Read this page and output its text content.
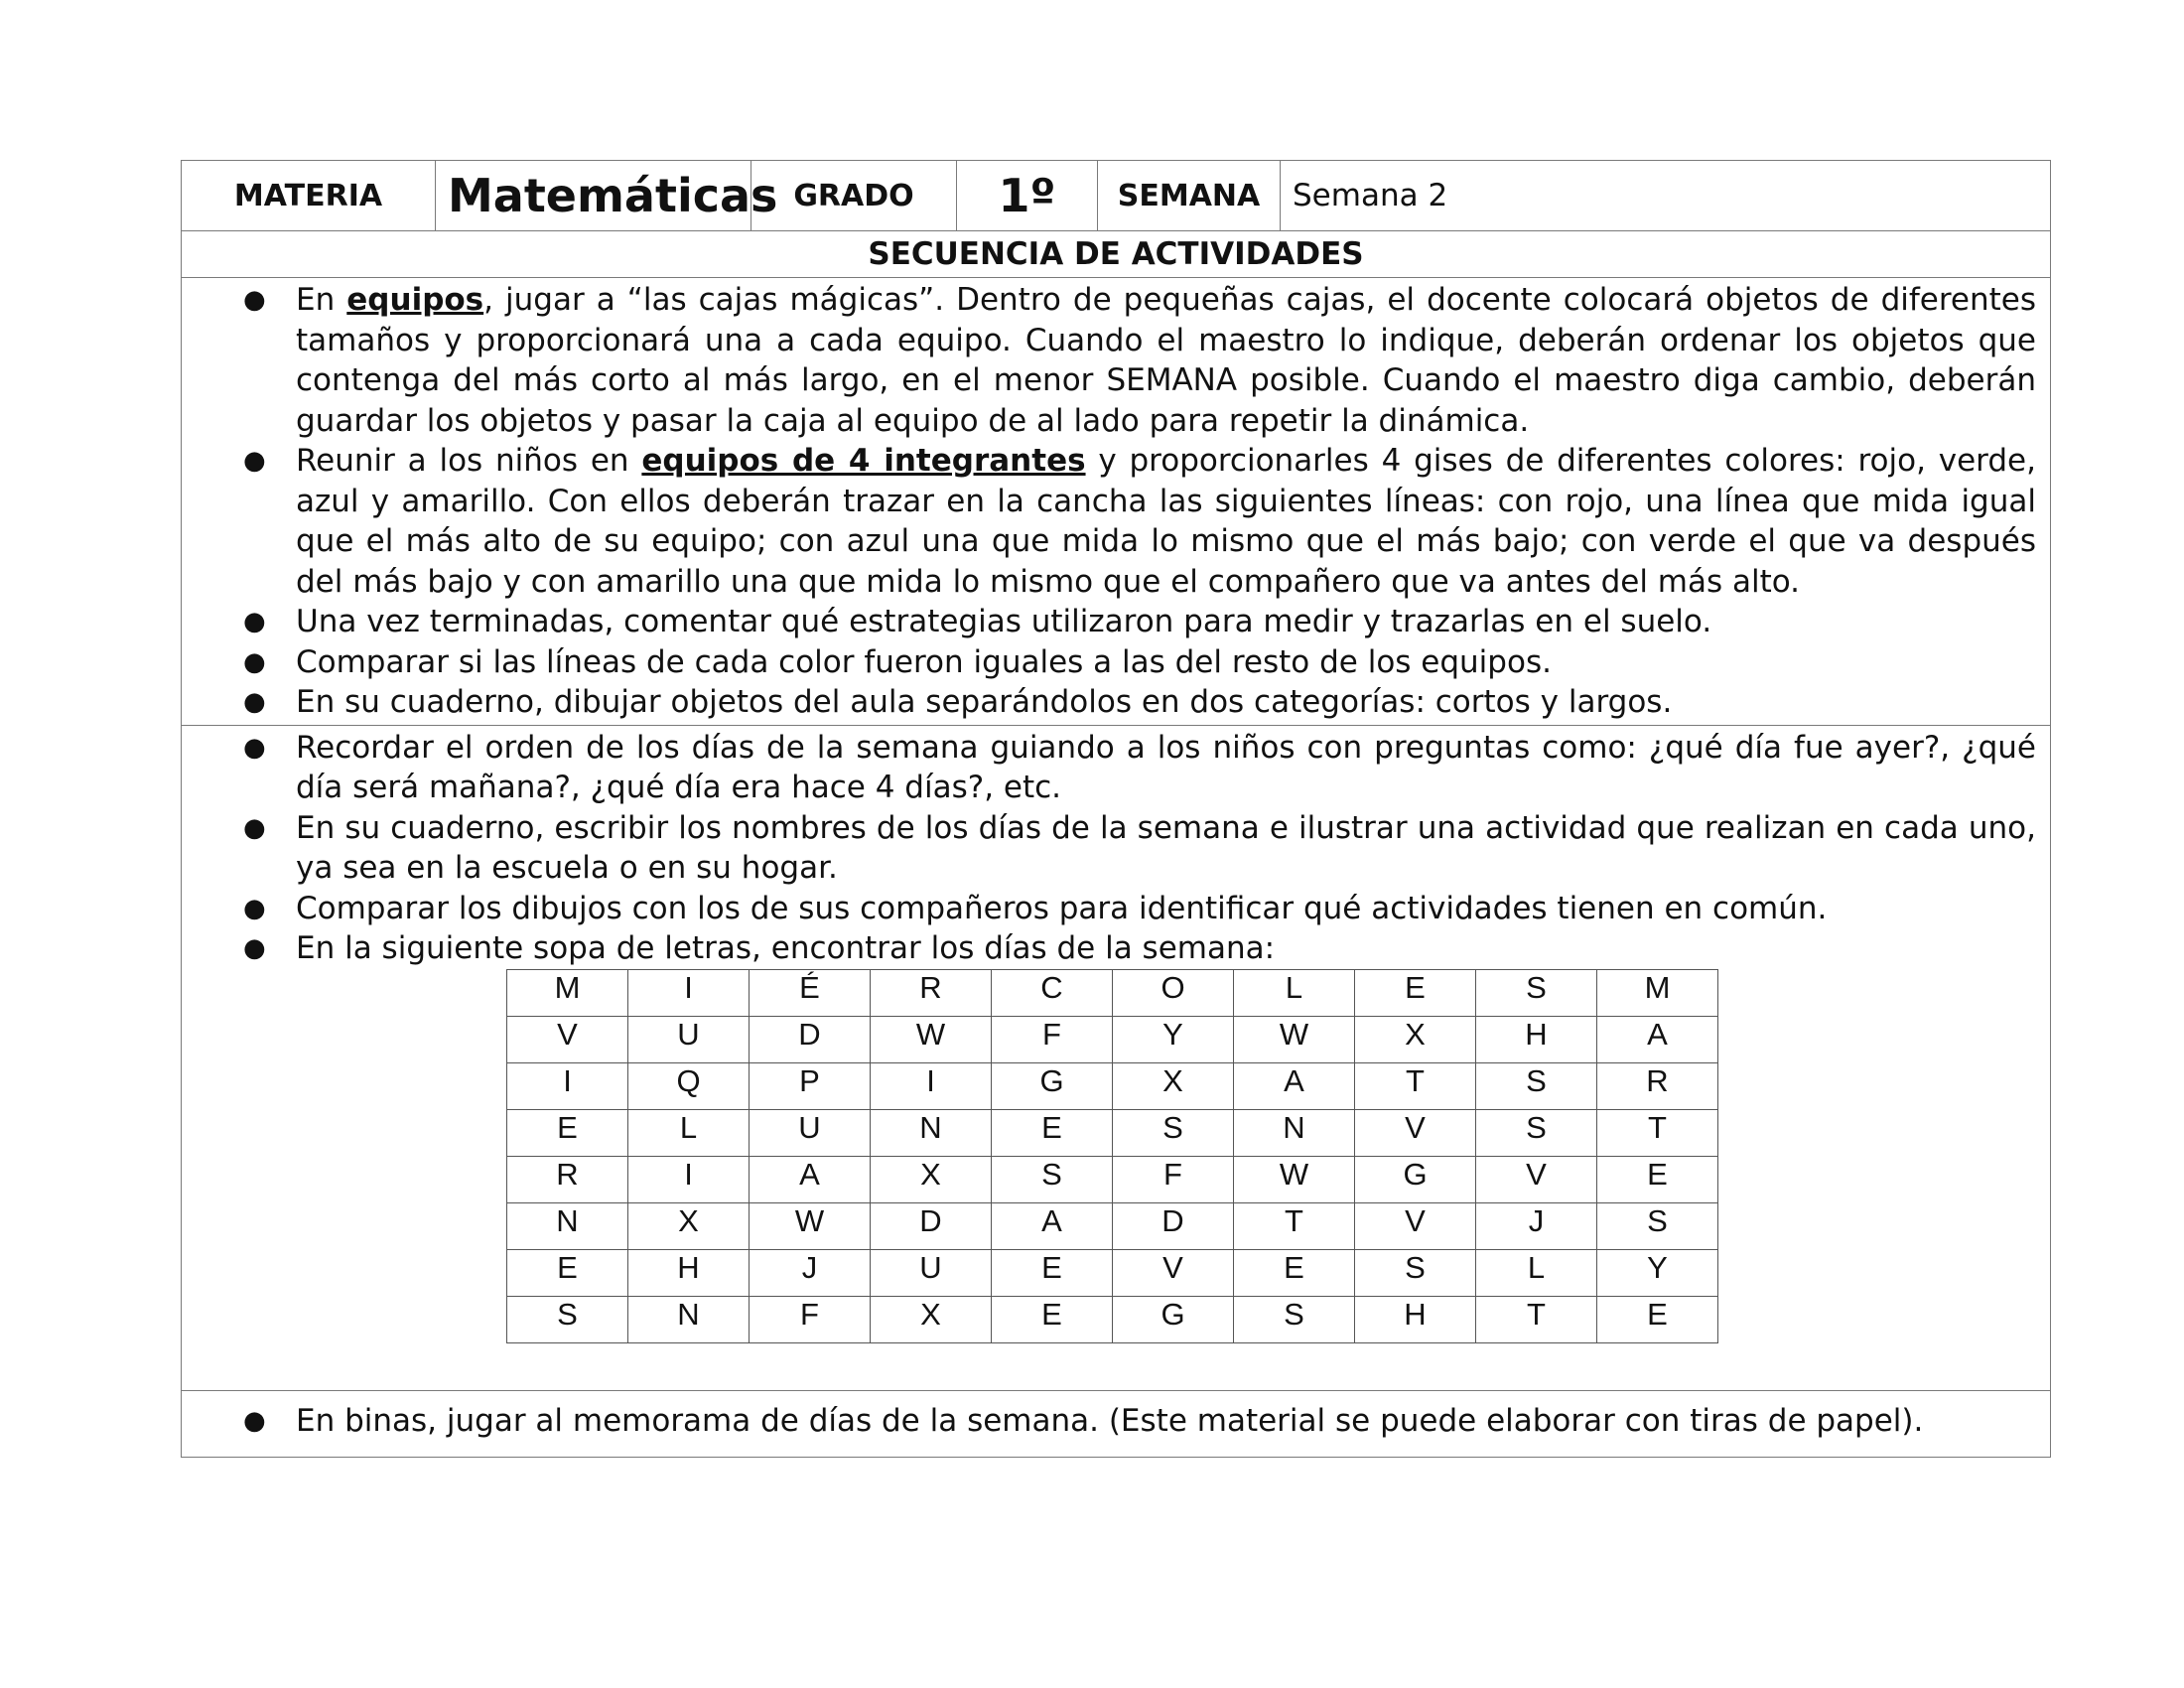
MATERIA	Matemáticas	GRADO	1º	SEMANA	Semana 2
SECUENCIA DE ACTIVIDADES

● En equipos, jugar a “las cajas mágicas”. Dentro de pequeñas cajas, el docente colocará objetos de diferentes tamaños y proporcionará una a cada equipo. Cuando el maestro lo indique, deberán ordenar los objetos que contenga del más corto al más largo, en el menor SEMANA posible. Cuando el maestro diga cambio, deberán guardar los objetos y pasar la caja al equipo de al lado para repetir la dinámica.
● Reunir a los niños en equipos de 4 integrantes y proporcionarles 4 gises de diferentes colores: rojo, verde, azul y amarillo. Con ellos deberán trazar en la cancha las siguientes líneas: con rojo, una línea que mida igual que el más alto de su equipo; con azul una que mida lo mismo que el más bajo; con verde el que va después del más bajo y con amarillo una que mida lo mismo que el compañero que va antes del más alto.
● Una vez terminadas, comentar qué estrategias utilizaron para medir y trazarlas en el suelo.
● Comparar si las líneas de cada color fueron iguales a las del resto de los equipos.
● En su cuaderno, dibujar objetos del aula separándolos en dos categorías: cortos y largos.

● Recordar el orden de los días de la semana guiando a los niños con preguntas como: ¿qué día fue ayer?, ¿qué día será mañana?, ¿qué día era hace 4 días?, etc.
● En su cuaderno, escribir los nombres de los días de la semana e ilustrar una actividad que realizan en cada uno, ya sea en la escuela o en su hogar.
● Comparar los dibujos con los de sus compañeros para identificar qué actividades tienen en común.
● En la siguiente sopa de letras, encontrar los días de la semana:
M	I	É	R	C	O	L	E	S	M
V	U	D	W	F	Y	W	X	H	A
I	Q	P	I	G	X	A	T	S	R
E	L	U	N	E	S	N	V	S	T
R	I	A	X	S	F	W	G	V	E
N	X	W	D	A	D	T	V	J	S
E	H	J	U	E	V	E	S	L	Y
S	N	F	X	E	G	S	H	T	E

● En binas, jugar al memorama de días de la semana. (Este material se puede elaborar con tiras de papel).
